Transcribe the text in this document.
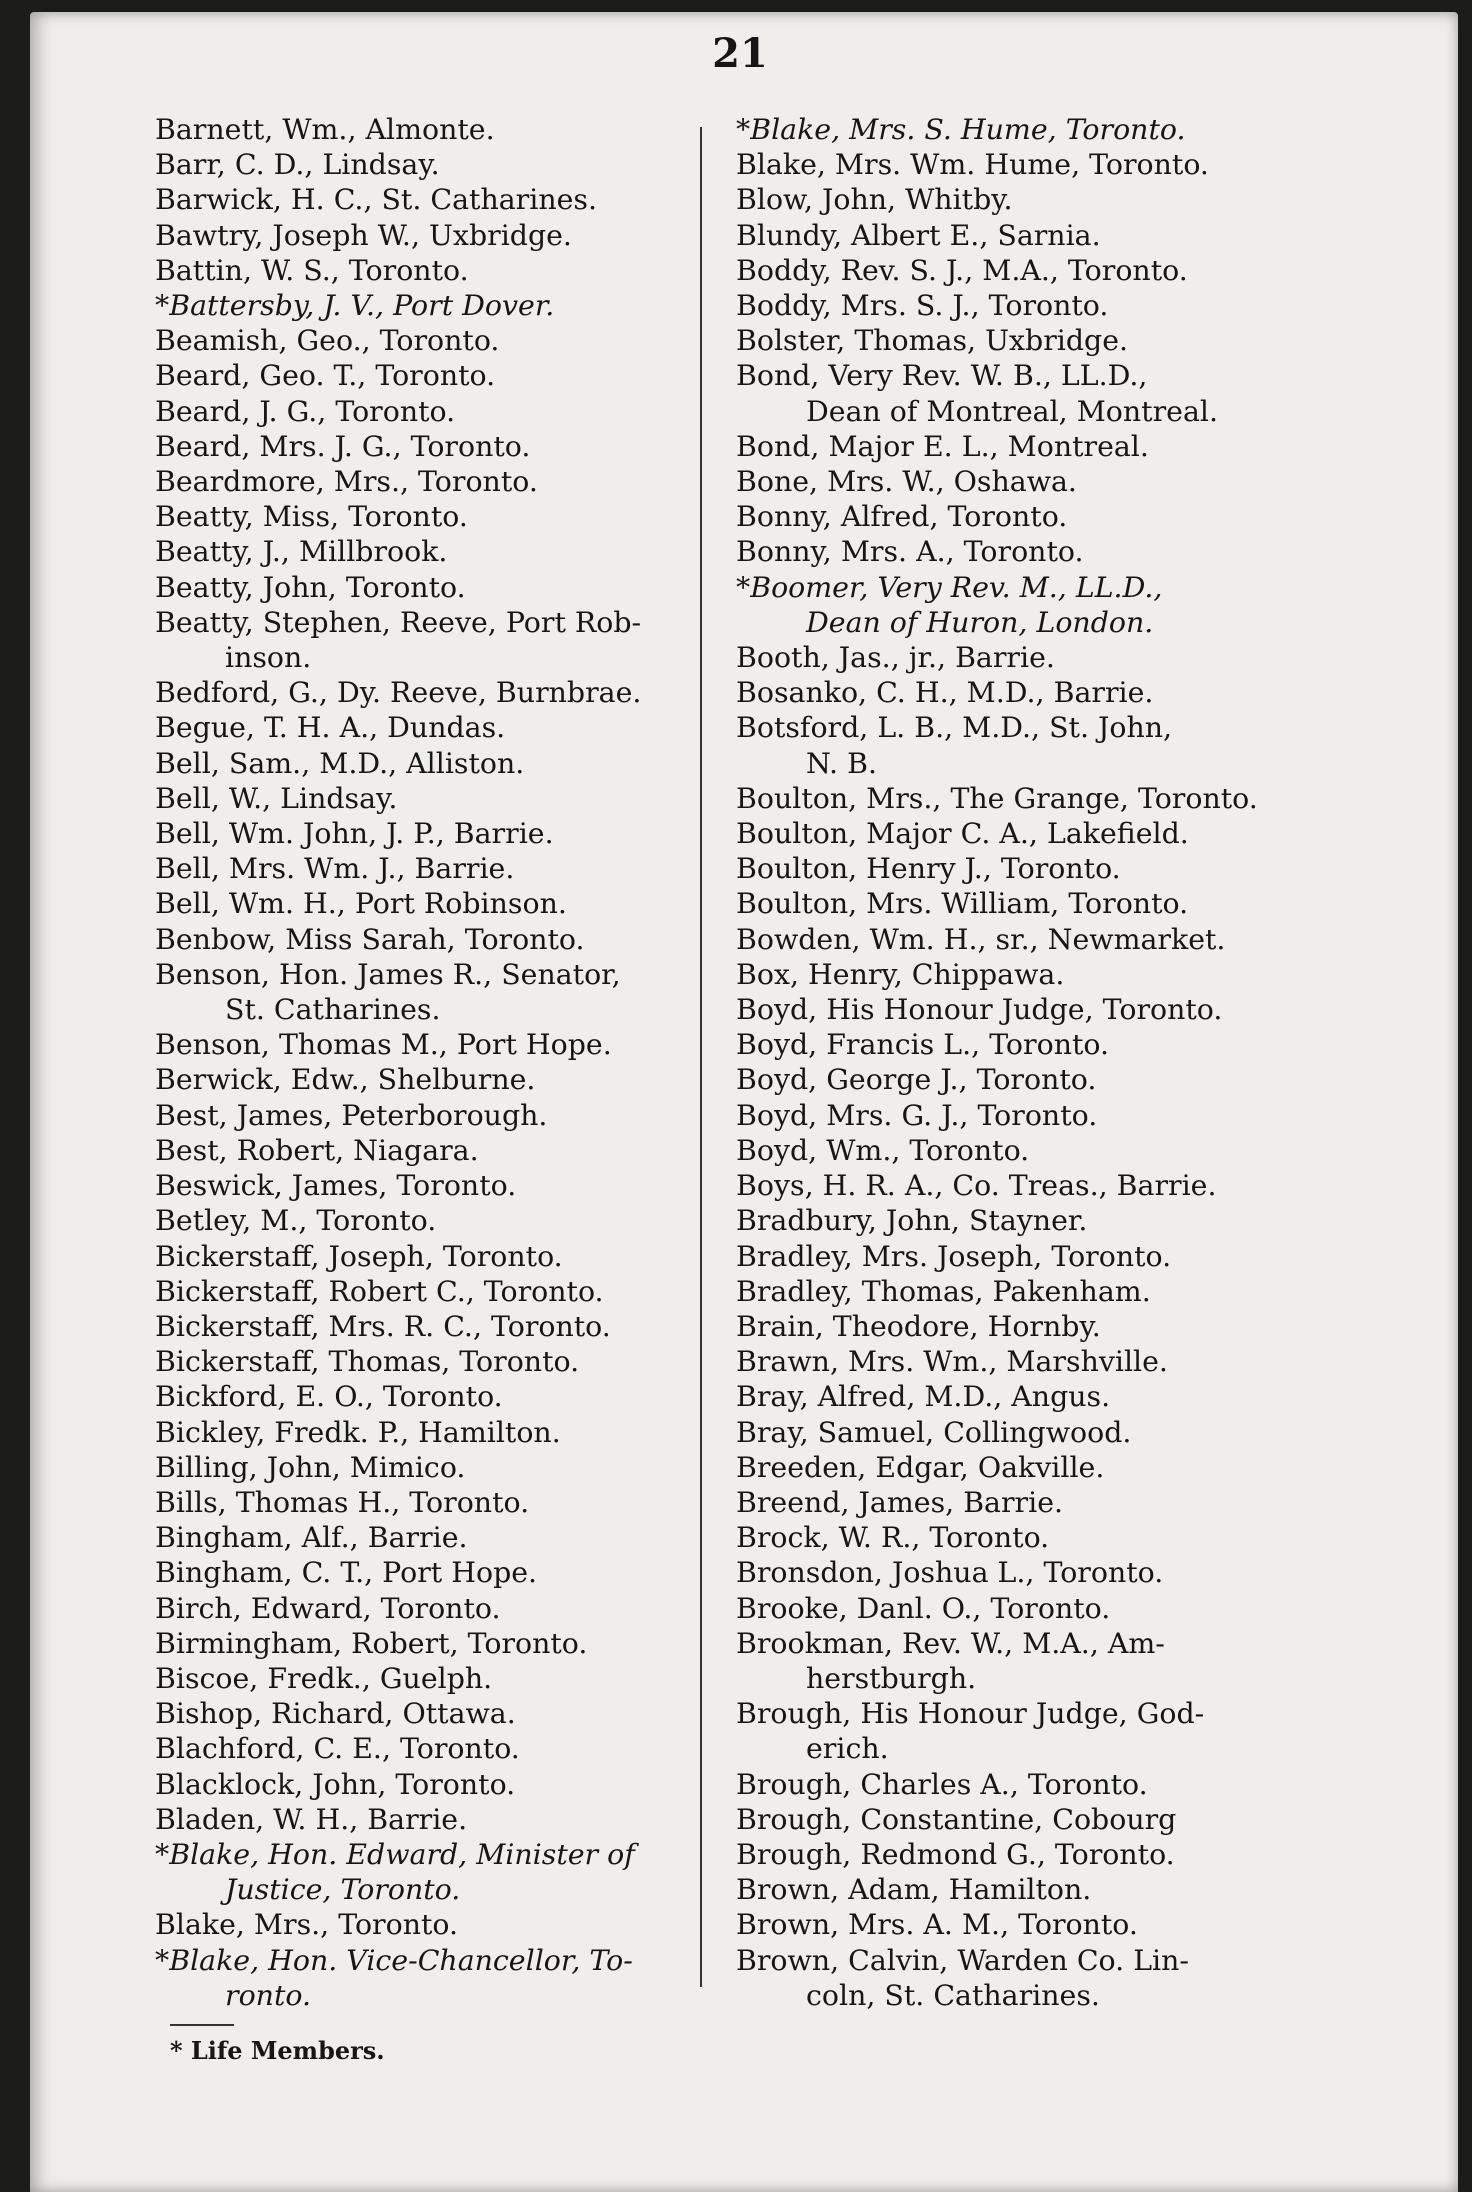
21
Barnett, Wm., Almonte.
Barr, C. D., Lindsay.
Barwick, H. C., St. Catharines.
Bawtry, Joseph W., Uxbridge.
Battin, W. S., Toronto.
*Battersby, J. V., Port Dover.
Beamish, Geo., Toronto.
Beard, Geo. T., Toronto.
Beard, J. G., Toronto.
Beard, Mrs. J. G., Toronto.
Beardmore, Mrs., Toronto.
Beatty, Miss, Toronto.
Beatty, J., Millbrook.
Beatty, John, Toronto.
Beatty, Stephen, Reeve, Port Rob-
inson.
Bedford, G., Dy. Reeve, Burnbrae.
Begue, T. H. A., Dundas.
Bell, Sam., M.D., Alliston.
Bell, W., Lindsay.
Bell, Wm. John, J. P., Barrie.
Bell, Mrs. Wm. J., Barrie.
Bell, Wm. H., Port Robinson.
Benbow, Miss Sarah, Toronto.
Benson, Hon. James R., Senator,
St. Catharines.
Benson, Thomas M., Port Hope.
Berwick, Edw., Shelburne.
Best, James, Peterborough.
Best, Robert, Niagara.
Beswick, James, Toronto.
Betley, M., Toronto.
Bickerstaff, Joseph, Toronto.
Bickerstaff, Robert C., Toronto.
Bickerstaff, Mrs. R. C., Toronto.
Bickerstaff, Thomas, Toronto.
Bickford, E. O., Toronto.
Bickley, Fredk. P., Hamilton.
Billing, John, Mimico.
Bills, Thomas H., Toronto.
Bingham, Alf., Barrie.
Bingham, C. T., Port Hope.
Birch, Edward, Toronto.
Birmingham, Robert, Toronto.
Biscoe, Fredk., Guelph.
Bishop, Richard, Ottawa.
Blachford, C. E., Toronto.
Blacklock, John, Toronto.
Bladen, W. H., Barrie.
*Blake, Hon. Edward, Minister of
Justice, Toronto.
Blake, Mrs., Toronto.
*Blake, Hon. Vice-Chancellor, To-
ronto.
*Blake, Mrs. S. Hume, Toronto.
Blake, Mrs. Wm. Hume, Toronto.
Blow, John, Whitby.
Blundy, Albert E., Sarnia.
Boddy, Rev. S. J., M.A., Toronto.
Boddy, Mrs. S. J., Toronto.
Bolster, Thomas, Uxbridge.
Bond, Very Rev. W. B., LL.D.,
Dean of Montreal, Montreal.
Bond, Major E. L., Montreal.
Bone, Mrs. W., Oshawa.
Bonny, Alfred, Toronto.
Bonny, Mrs. A., Toronto.
*Boomer, Very Rev. M., LL.D.,
Dean of Huron, London.
Booth, Jas., jr., Barrie.
Bosanko, C. H., M.D., Barrie.
Botsford, L. B., M.D., St. John,
N. B.
Boulton, Mrs., The Grange, Toronto.
Boulton, Major C. A., Lakefield.
Boulton, Henry J., Toronto.
Boulton, Mrs. William, Toronto.
Bowden, Wm. H., sr., Newmarket.
Box, Henry, Chippawa.
Boyd, His Honour Judge, Toronto.
Boyd, Francis L., Toronto.
Boyd, George J., Toronto.
Boyd, Mrs. G. J., Toronto.
Boyd, Wm., Toronto.
Boys, H. R. A., Co. Treas., Barrie.
Bradbury, John, Stayner.
Bradley, Mrs. Joseph, Toronto.
Bradley, Thomas, Pakenham.
Brain, Theodore, Hornby.
Brawn, Mrs. Wm., Marshville.
Bray, Alfred, M.D., Angus.
Bray, Samuel, Collingwood.
Breeden, Edgar, Oakville.
Breend, James, Barrie.
Brock, W. R., Toronto.
Bronsdon, Joshua L., Toronto.
Brooke, Danl. O., Toronto.
Brookman, Rev. W., M.A., Am-
herstburgh.
Brough, His Honour Judge, God-
erich.
Brough, Charles A., Toronto.
Brough, Constantine, Cobourg
Brough, Redmond G., Toronto.
Brown, Adam, Hamilton.
Brown, Mrs. A. M., Toronto.
Brown, Calvin, Warden Co. Lin-
coln, St. Catharines.
* Life Members.
